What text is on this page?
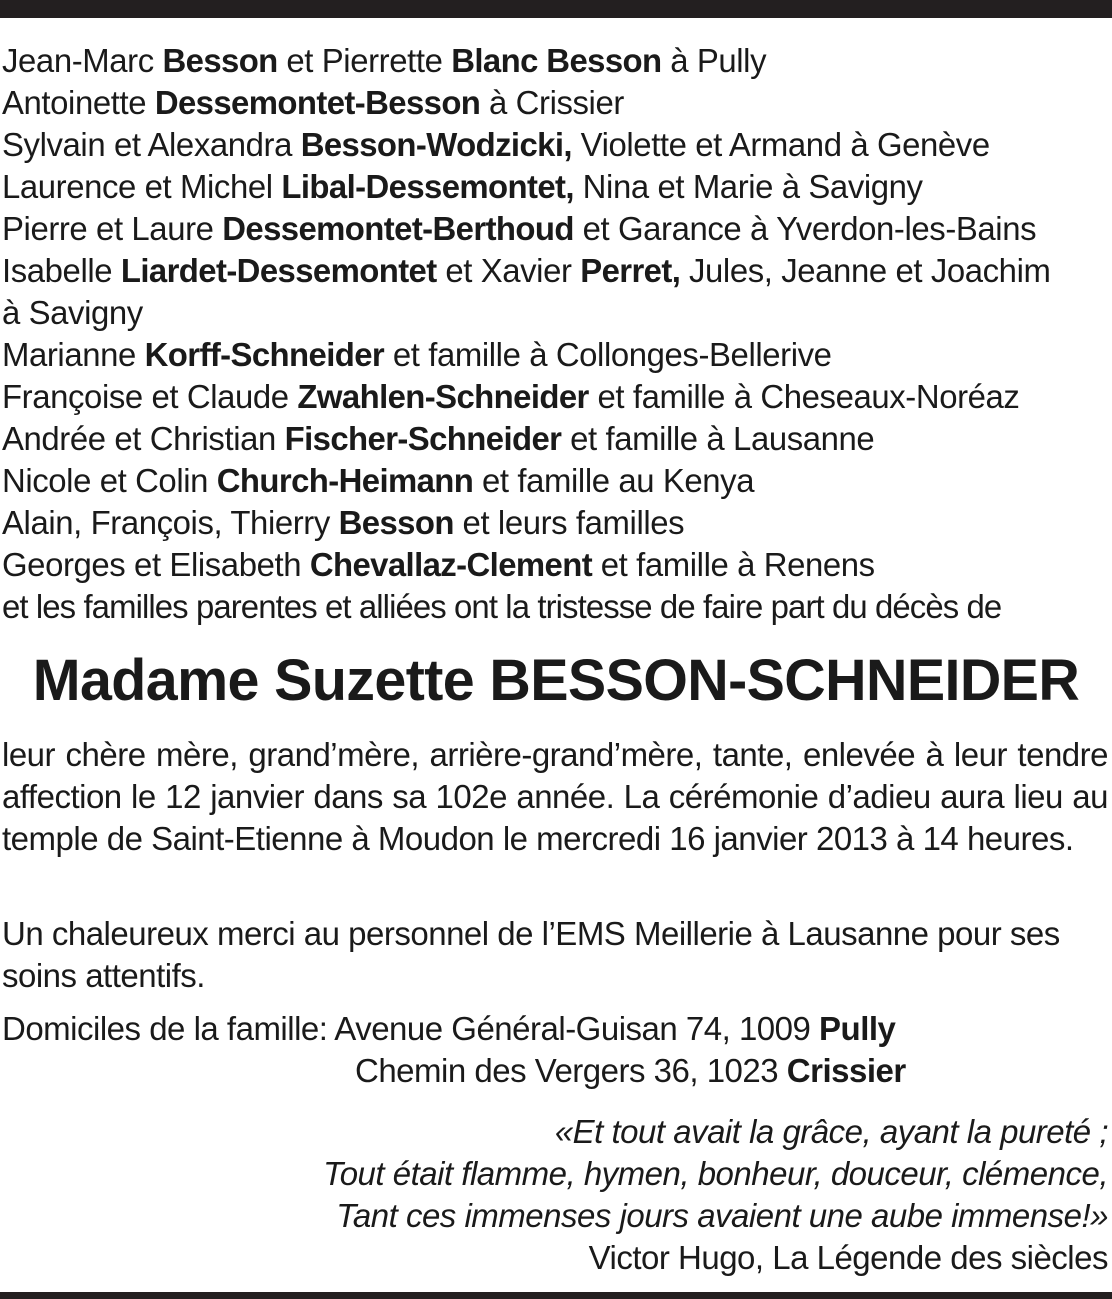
Jean-Marc Besson et Pierrette Blanc Besson à Pully
Antoinette Dessemontet-Besson à Crissier
Sylvain et Alexandra Besson-Wodzicki, Violette et Armand à Genève
Laurence et Michel Libal-Dessemontet, Nina et Marie à Savigny
Pierre et Laure Dessemontet-Berthoud et Garance à Yverdon-les-Bains
Isabelle Liardet-Dessemontet et Xavier Perret, Jules, Jeanne et Joachim
à Savigny
Marianne Korff-Schneider et famille à Collonges-Bellerive
Françoise et Claude Zwahlen-Schneider et famille à Cheseaux-Noréaz
Andrée et Christian Fischer-Schneider et famille à Lausanne
Nicole et Colin Church-Heimann et famille au Kenya
Alain, François, Thierry Besson et leurs familles
Georges et Elisabeth Chevallaz-Clement et famille à Renens
et les familles parentes et alliées ont la tristesse de faire part du décès de
Madame Suzette BESSON-SCHNEIDER

leur chère mère, grand’mère, arrière-grand’mère, tante, enlevée à leur tendre affection le 12 janvier dans sa 102e année. La cérémonie d’adieu aura lieu au temple de Saint-Etienne à Moudon le mercredi 16 janvier 2013 à 14 heures.

Un chaleureux merci au personnel de l’EMS Meillerie à Lausanne pour ses soins attentifs.

Domiciles de la famille: Avenue Général-Guisan 74, 1009 Pully
Chemin des Vergers 36, 1023 Crissier
«Et tout avait la grâce, ayant la pureté ;
Tout était flamme, hymen, bonheur, douceur, clémence,
Tant ces immenses jours avaient une aube immense!»
Victor Hugo, La Légende des siècles
